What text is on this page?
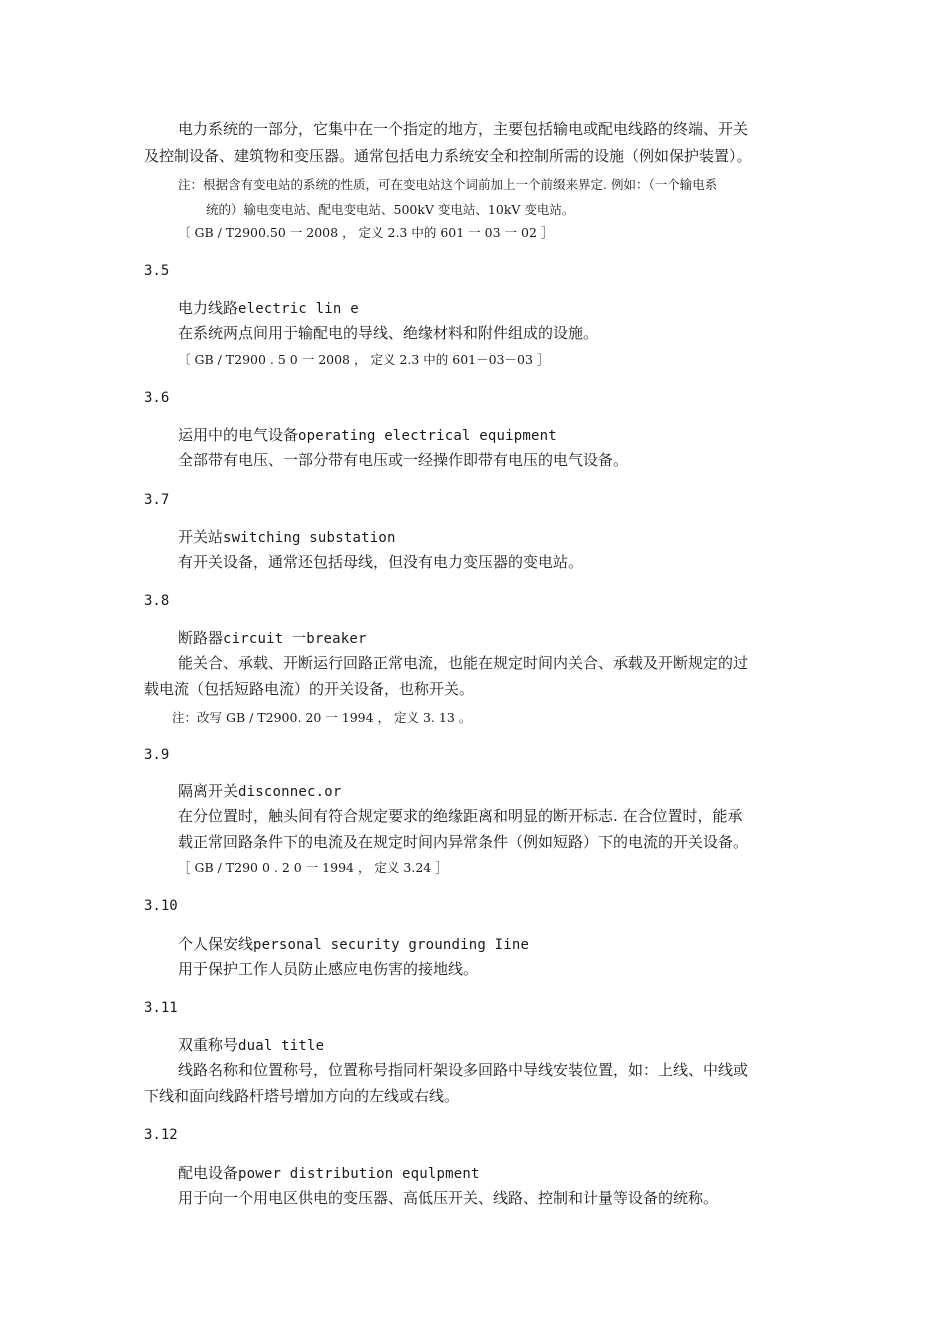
电力系统的一部分，它集中在一个指定的地方，主要包括输电或配电线路的终端、开关
及控制设备、建筑物和变压器。通常包括电力系统安全和控制所需的设施（例如保护装置）。
注：根据含有变电站的系统的性质，可在变电站这个词前加上一个前缀来界定. 例如：（一个输电系
统的）输电变电站、配电变电站、500kV 变电站、10kV 变电站。
〔 GB / T2900.50 一 2008 ， 定义 2.3 中的 601 一 03 一 02 ］
3.5
电力线路electric lin e
在系统两点间用于输配电的导线、绝缘材料和附件组成的设施。
〔 GB / T2900 . 5 0 一 2008 ， 定义 2.3 中的 601－03－03 ］
3.6
运用中的电气设备operating electrical equipment
全部带有电压、一部分带有电压或一经操作即带有电压的电气设备。
3.7
开关站switching substation
有开关设备，通常还包括母线，但没有电力变压器的变电站。
3.8
断路器circuit 一breaker
能关合、承载、开断运行回路正常电流，也能在规定时间内关合、承载及开断规定的过
载电流（包括短路电流）的开关设备，也称开关。
注：改写 GB / T2900. 20 一 1994 ， 定义 3. 13 。
3.9
隔离开关disconnec.or
在分位置时，触头间有符合规定要求的绝缘距离和明显的断开标志. 在合位置时，能承
载正常回路条件下的电流及在规定时间内异常条件（例如短路）下的电流的开关设备。
［ GB / T290 0 . 2 0 一 1994 ， 定义 3.24 ］
3.10
个人保安线personal security grounding Iine
用于保护工作人员防止感应电伤害的接地线。
3.11
双重称号dual title
线路名称和位置称号，位置称号指同杆架设多回路中导线安装位置，如：上线、中线或
下线和面向线路杆塔号增加方向的左线或右线。
3.12
配电设备power distribution equlpment
用于向一个用电区供电的变压器、高低压开关、线路、控制和计量等设备的统称。
